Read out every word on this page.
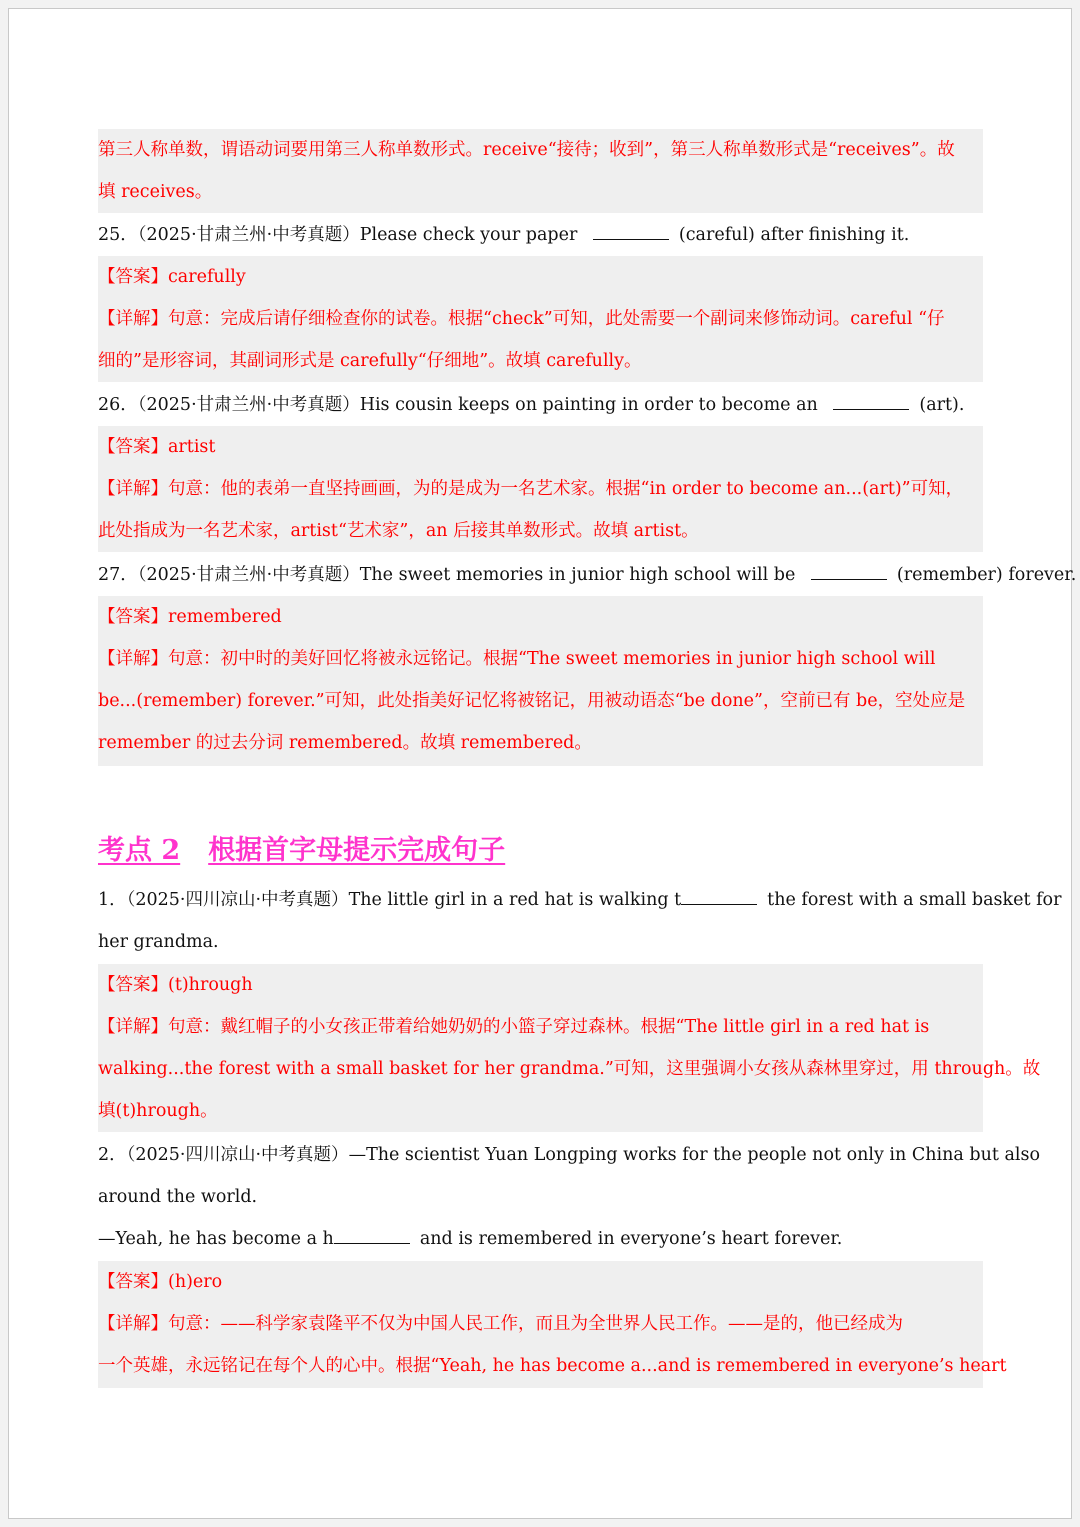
第三人称单数，谓语动词要用第三人称单数形式。receive“接待；收到”，第三人称单数形式是“receives”。故
填 receives。
25．（2025·甘肃兰州·中考真题）Please check your paper	(careful) after finishing it.
【答案】carefully
【详解】句意：完成后请仔细检查你的试卷。根据“check”可知，此处需要一个副词来修饰动词。careful “仔
细的”是形容词，其副词形式是 carefully“仔细地”。故填 carefully。
26．（2025·甘肃兰州·中考真题）His cousin keeps on painting in order to become an	(art).
【答案】artist
【详解】句意：他的表弟一直坚持画画，为的是成为一名艺术家。根据“in order to become an...(art)”可知，
此处指成为一名艺术家，artist“艺术家”，an 后接其单数形式。故填 artist。
27．（2025·甘肃兰州·中考真题）The sweet memories in junior high school will be	(remember) forever.
【答案】remembered
【详解】句意：初中时的美好回忆将被永远铭记。根据“The sweet memories in junior high school will
be...(remember) forever.”可知，此处指美好记忆将被铭记，用被动语态“be done”，空前已有 be，空处应是
remember 的过去分词 remembered。故填 remembered。
考点 2 根据首字母提示完成句子
1．（2025·四川凉山·中考真题）The little girl in a red hat is walking t	the forest with a small basket for
her grandma.
【答案】(t)hrough
【详解】句意：戴红帽子的小女孩正带着给她奶奶的小篮子穿过森林。根据“The little girl in a red hat is
walking...the forest with a small basket for her grandma.”可知，这里强调小女孩从森林里穿过，用 through。故
填(t)hrough。
2．（2025·四川凉山·中考真题）—The scientist Yuan Longping works for the people not only in China but also
around the world.
—Yeah, he has become a h	and is remembered in everyone’s heart forever.
【答案】(h)ero
【详解】句意：——科学家袁隆平不仅为中国人民工作，而且为全世界人民工作。——是的，他已经成为
一个英雄，永远铭记在每个人的心中。根据“Yeah, he has become a...and is remembered in everyone’s heart
